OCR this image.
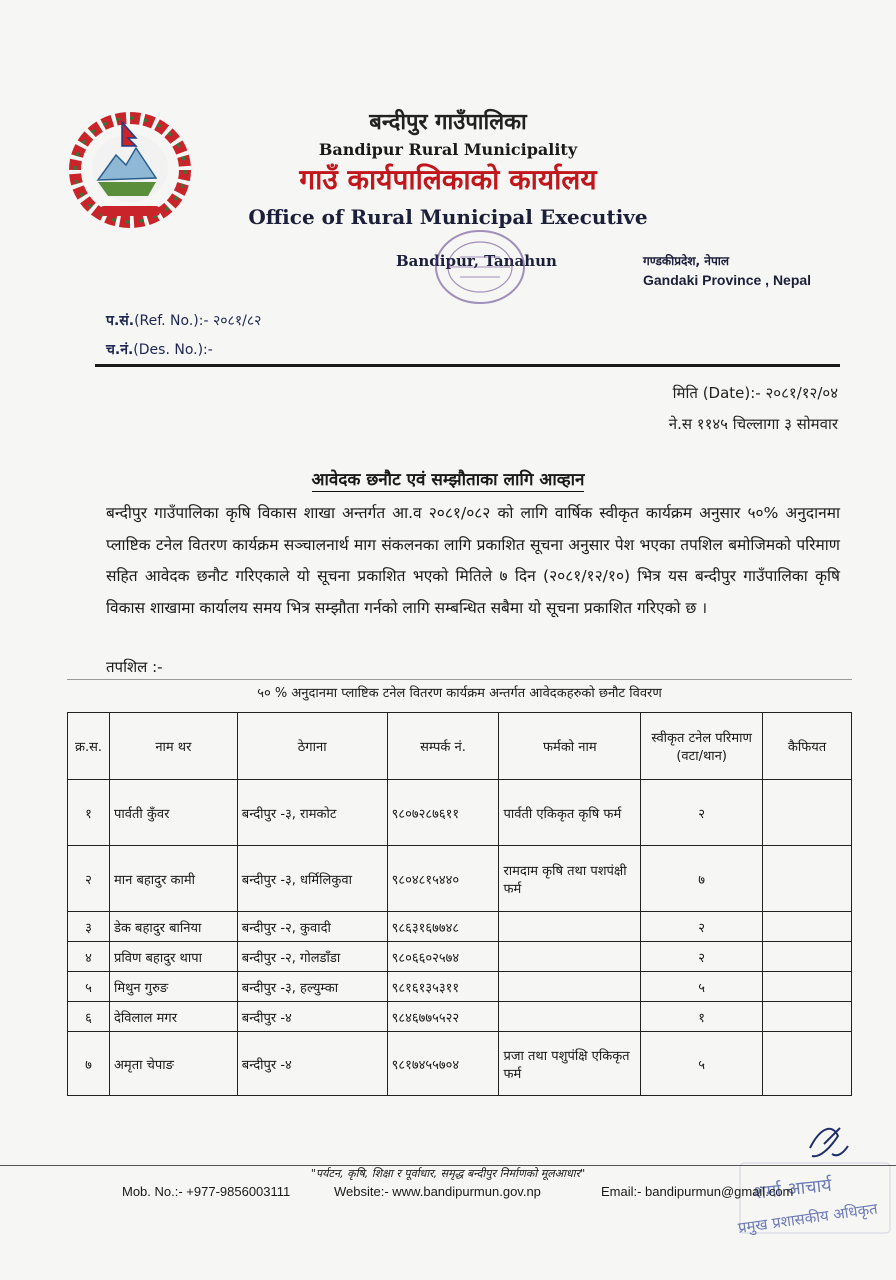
बन्दीपुर गाउँपालिका
Bandipur Rural Municipality
गाउँ कार्यपालिकाको कार्यालय
Office of Rural Municipal Executive
Bandipur, Tanahun	गण्डकीप्रदेश, नेपाल
Gandaki Province , Nepal
प.सं.(Ref. No.):- २०८१/८२
च.नं.(Des. No.):-
मिति (Date):- २०८१/१२/०४
ने.स ११४५ चिल्लागा ३ सोमवार
आवेदक छनौट एवं सम्झौताका लागि आव्हान
बन्दीपुर गाउँपालिका कृषि विकास शाखा अन्तर्गत आ.व २०८१/०८२ को लागि वार्षिक स्वीकृत कार्यक्रम अनुसार ५०% अनुदानमा प्लाष्टिक टनेल वितरण कार्यक्रम सञ्चालनार्थ माग संकलनका लागि प्रकाशित सूचना अनुसार पेश भएका तपशिल बमोजिमको परिमाण सहित आवेदक छनौट गरिएकाले यो सूचना प्रकाशित भएको मितिले ७ दिन (२०८१/१२/१०) भित्र यस बन्दीपुर गाउँपालिका कृषि विकास शाखामा कार्यालय समय भित्र सम्झौता गर्नको लागि सम्बन्धित सबैमा यो सूचना प्रकाशित गरिएको छ ।
तपशिल :-
५० % अनुदानमा प्लाष्टिक टनेल वितरण कार्यक्रम अन्तर्गत आवेदकहरुको छनौट विवरण
क्र.स.	नाम थर	ठेगाना	सम्पर्क नं.	फर्मको नाम	स्वीकृत टनेल परिमाण (वटा/थान)	कैफियत
१	पार्वती कुँवर	बन्दीपुर -३, रामकोट	९८०७२८७६११	पार्वती एकिकृत कृषि फर्म	२	
२	मान बहादुर कामी	बन्दीपुर -३, धर्मिलिकुवा	९८०४८१५४४०	रामदाम कृषि तथा पशपंक्षी फर्म	७	
३	डेक बहादुर बानिया	बन्दीपुर -२, कुवादी	९८६३१६७७४८		२	
४	प्रविण बहादुर थापा	बन्दीपुर -२, गोलडाँडा	९८०६६०२५७४		२	
५	मिथुन गुरुङ	बन्दीपुर -३, हल्युम्का	९८१६१३५३११		५	
६	देविलाल मगर	बन्दीपुर -४	९८४६७७५५२२		१	
७	अमृता चेपाङ	बन्दीपुर -४	९८१७४५५७०४	प्रजा तथा पशुपंक्षि एकिकृत फर्म	५	
शर्मा आचार्य
प्रमुख प्रशासकीय अधिकृत
"पर्यटन, कृषि, शिक्षा र पूर्वाधार, समृद्ध बन्दीपुर निर्माणको मूलआधार"
Mob. No.:- +977-9856003111	Website:- www.bandipurmun.gov.np	Email:- bandipurmun@gmail.com
